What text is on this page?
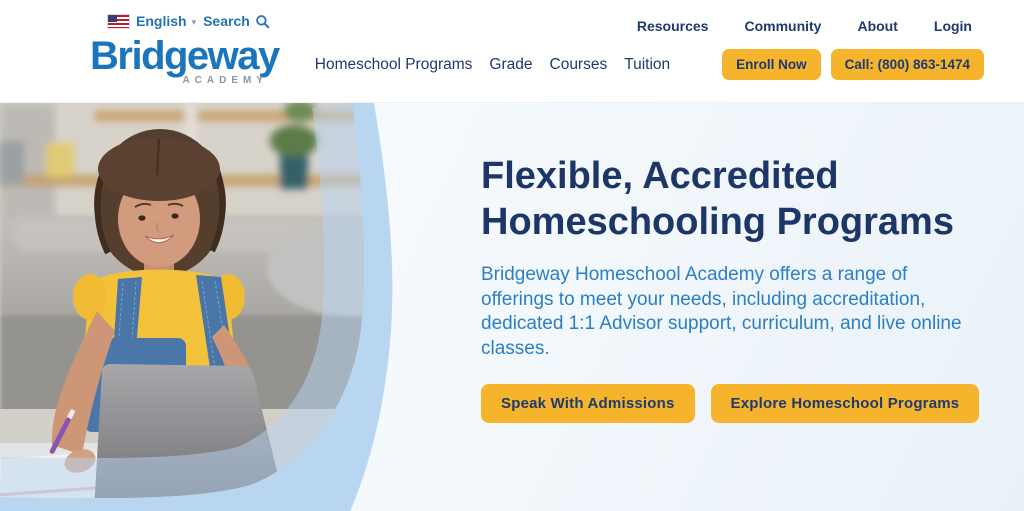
English ▾ Search
Bridgeway
ACADEMY
Resources	Community	About	Login
Homeschool Programs Grade Courses Tuition	Enroll Now	Call: (800) 863-1474
Flexible, Accredited Homeschooling Programs

Bridgeway Homeschool Academy offers a range of offerings to meet your needs, including accreditation, dedicated 1:1 Advisor support, curriculum, and live online classes.

Speak With Admissions	Explore Homeschool Programs
